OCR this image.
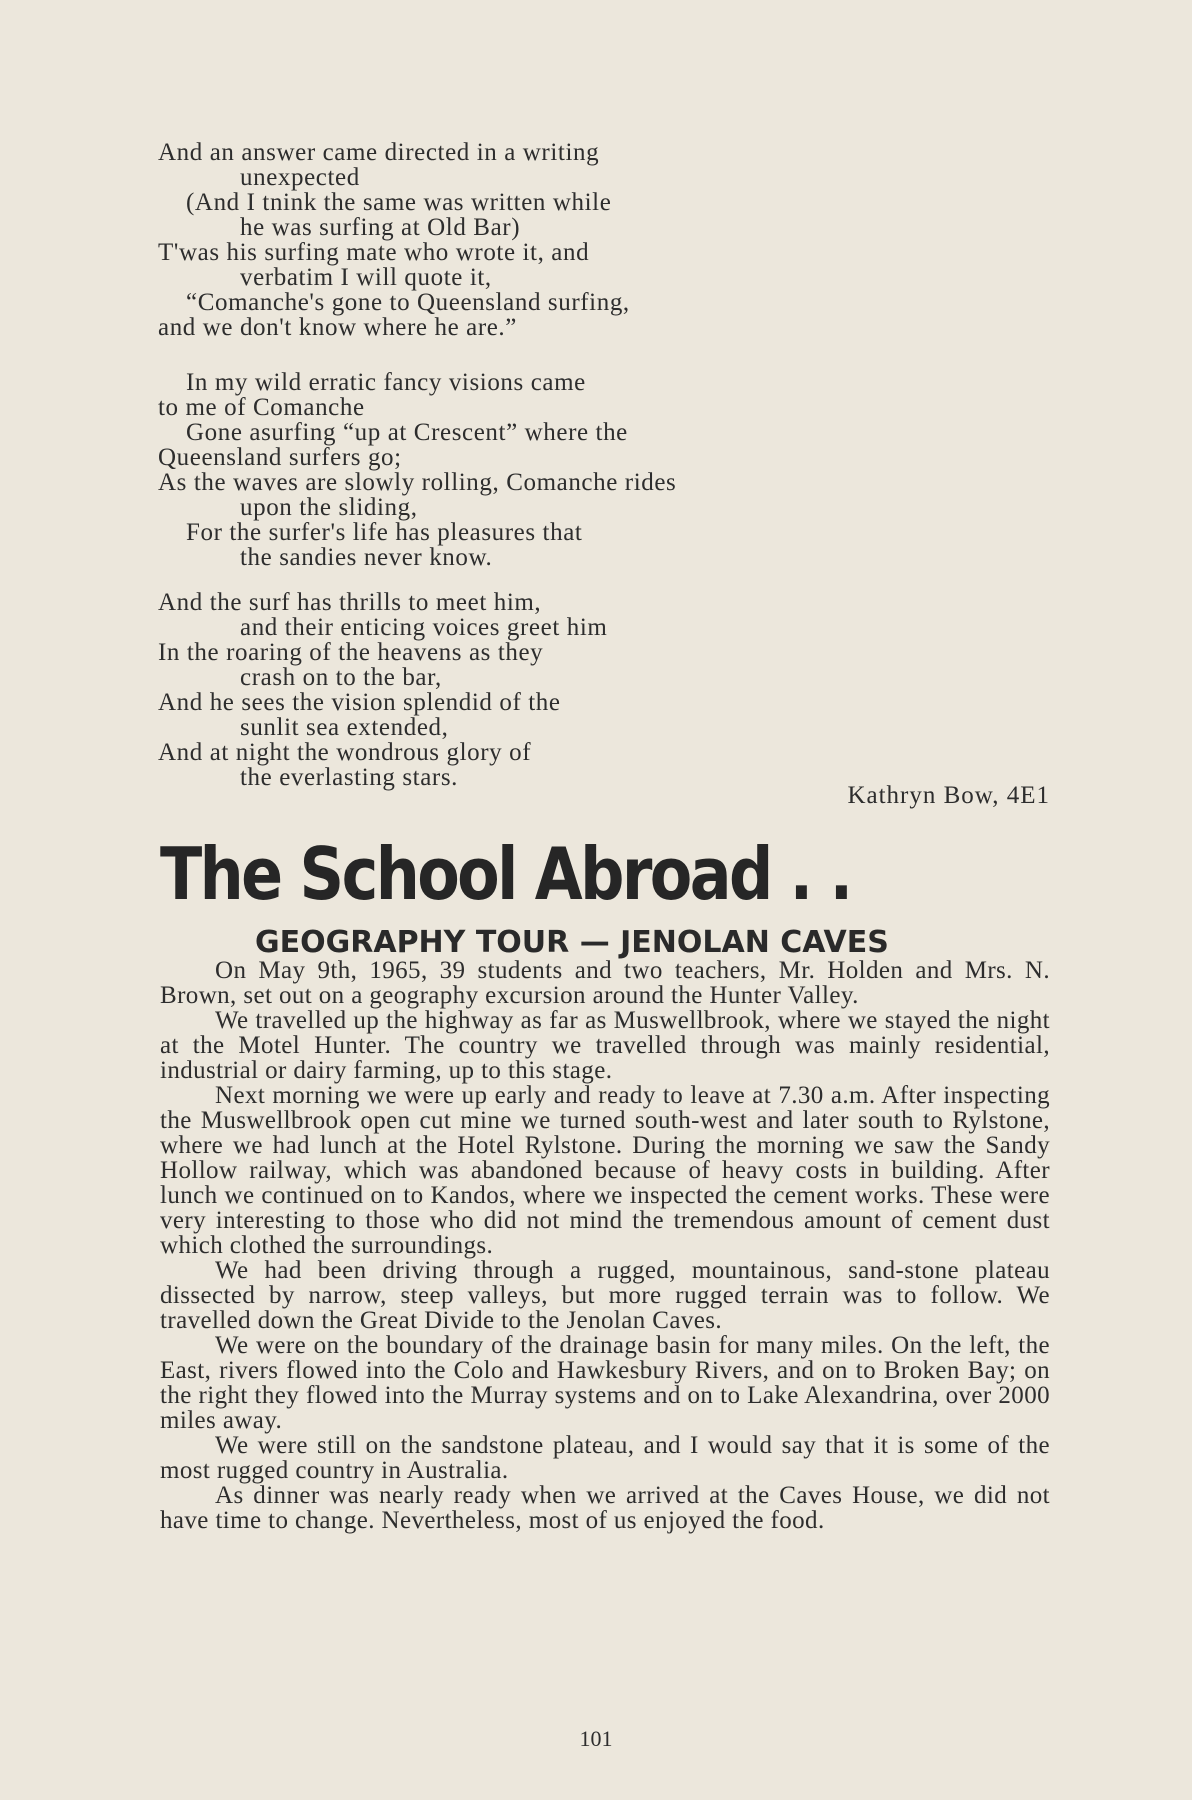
And an answer came directed in a writing
unexpected
(And I tnink the same was written while
he was surfing at Old Bar)
T'was his surfing mate who wrote it, and
verbatim I will quote it,
“Comanche's gone to Queensland surfing,
and we don't know where he are.”
In my wild erratic fancy visions came
to me of Comanche
Gone asurfing “up at Crescent” where the
Queensland surfers go;
As the waves are slowly rolling, Comanche rides
upon the sliding,
For the surfer's life has pleasures that
the sandies never know.
And the surf has thrills to meet him,
and their enticing voices greet him
In the roaring of the heavens as they
crash on to the bar,
And he sees the vision splendid of the
sunlit sea extended,
And at night the wondrous glory of
the everlasting stars.
Kathryn Bow, 4E1
The School Abroad . .
GEOGRAPHY TOUR — JENOLAN CAVES

On May 9th, 1965, 39 students and two teachers, Mr. Holden and Mrs. N. Brown, set out on a geography excursion around the Hunter Valley.

We travelled up the highway as far as Muswellbrook, where we stayed the night at the Motel Hunter. The country we travelled through was mainly residential, industrial or dairy farming, up to this stage.

Next morning we were up early and ready to leave at 7.30 a.m. After inspecting the Muswellbrook open cut mine we turned south-west and later south to Rylstone, where we had lunch at the Hotel Rylstone. During the morning we saw the Sandy Hollow railway, which was abandoned because of heavy costs in building. After lunch we continued on to Kandos, where we inspected the cement works. These were very interesting to those who did not mind the tremendous amount of cement dust which clothed the surroundings.

We had been driving through a rugged, mountainous, sand-stone plateau dissected by narrow, steep valleys, but more rugged terrain was to follow. We travelled down the Great Divide to the Jenolan Caves.

We were on the boundary of the drainage basin for many miles. On the left, the East, rivers flowed into the Colo and Hawkesbury Rivers, and on to Broken Bay; on the right they flowed into the Murray systems and on to Lake Alexandrina, over 2000 miles away.

We were still on the sandstone plateau, and I would say that it is some of the most rugged country in Australia.

As dinner was nearly ready when we arrived at the Caves House, we did not have time to change. Nevertheless, most of us enjoyed the food.

101
